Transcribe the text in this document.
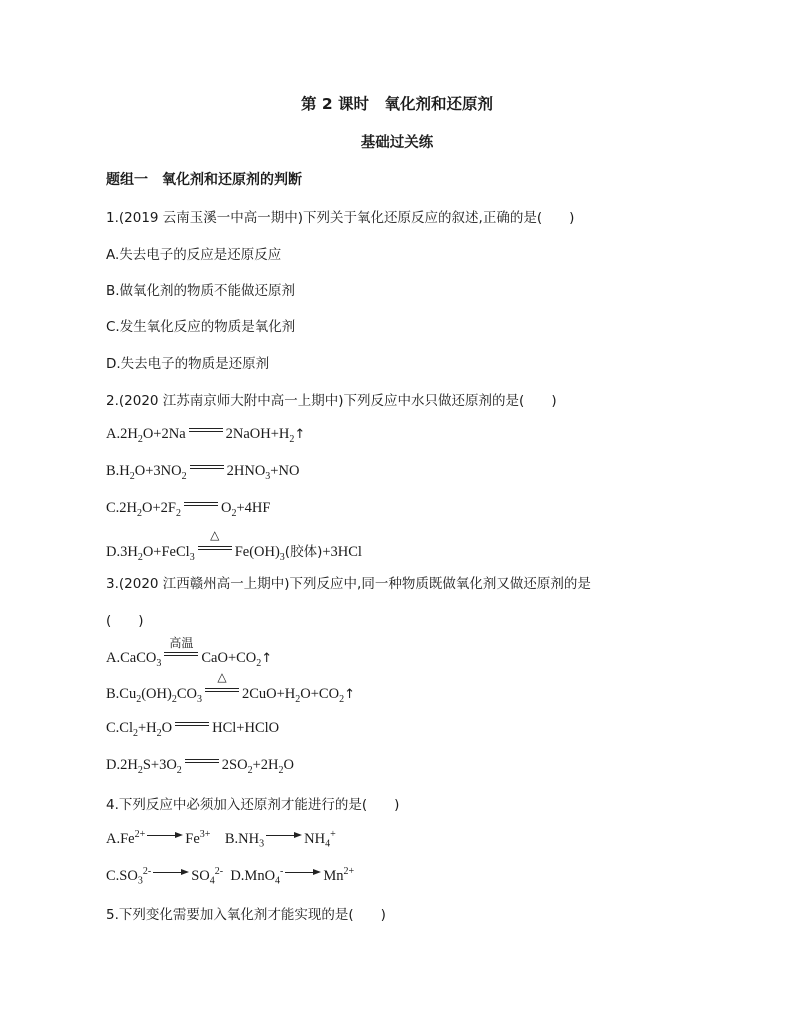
第 2 课时　氧化剂和还原剂
基础过关练
题组一　氧化剂和还原剂的判断
1.(2019 云南玉溪一中高一期中)下列关于氧化还原反应的叙述,正确的是(　　)
A.失去电子的反应是还原反应
B.做氧化剂的物质不能做还原剂
C.发生氧化反应的物质是氧化剂
D.失去电子的物质是还原剂
2.(2020 江苏南京师大附中高一上期中)下列反应中水只做还原剂的是(　　)
$A.2H_2O+2Na$	$2NaOH+H_2↑$
$B.H_2O+3NO_2$	$2HNO_3+NO$
$C.2H_2O+2F_2$	$O_2+4HF$
$D.3H_2O+FeCl_3$
△
$Fe(OH)_3$(胶体)+3HCl
3.(2020 江西赣州高一上期中)下列反应中,同一种物质既做氧化剂又做还原剂的是
(　　)
A.CaCO$_3$
高温
$CaO+CO_2↑$
$B.Cu_2(OH)_2CO_3$
△
$2CuO+H_2O+CO_2↑$
$C.Cl_2+H_2O$	HCl+HClO
$D.2H_2S+3O_2$	$2SO_2+2H_2O$
4.下列反应中必须加入还原剂才能进行的是(　　)
$A.Fe^{2+}$	$Fe^{3+}$    $B.NH_3$	$NH_4^+$
$C.SO_3^{2-}$	$SO_4^{2-}$  D.MnO$_4$-	$Mn^{2+}$
5.下列变化需要加入氧化剂才能实现的是(　　)
